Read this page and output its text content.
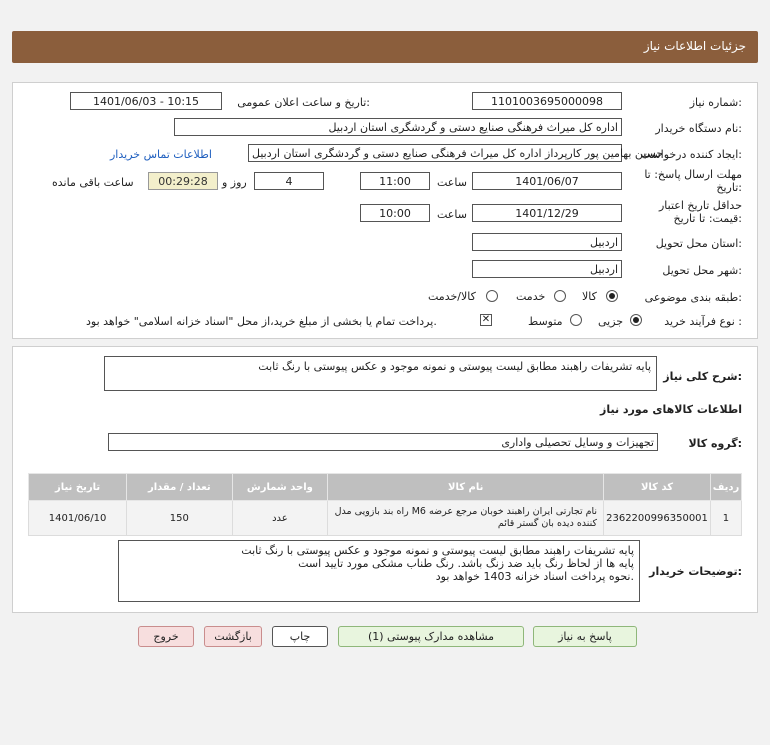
جزئیات اطلاعات نیاز
شماره نیاز:
1101003695000098
تاریخ و ساعت اعلان عمومی:
1401/06/03 - 10:15
نام دستگاه خریدار:
اداره کل میراث فرهنگی صنایع دستی و گردشگری استان اردبیل
ایجاد کننده درخواست:
حسین بهامین پور کارپرداز اداره کل میراث فرهنگی صنایع دستی و گردشگری استان اردبیل
اطلاعات تماس خریدار
مهلت ارسال پاسخ: تا تاریخ:
1401/06/07
ساعت
11:00
4
روز و
00:29:28
ساعت باقی مانده
حداقل تاریخ اعتبار قیمت: تا تاریخ:
1401/12/29
ساعت
10:00
استان محل تحویل:
اردبیل
شهر محل تحویل:
اردبیل
طبقه بندی موضوعی:
کالا
خدمت
کالا/خدمت
نوع فرآیند خرید :
جزیی
متوسط
✕
پرداخت تمام یا بخشی از مبلغ خرید،از محل "اسناد خزانه اسلامی" خواهد بود.
شرح کلی نیاز:
پایه تشریفات راهبند مطابق لیست پیوستی و نمونه موجود و عکس پیوستی با رنگ ثابت
اطلاعات کالاهای مورد نیاز
گروه کالا:
تجهیزات و وسایل تحصیلی واداری
تاریخ نیاز	تعداد / مقدار	واحد شمارش	نام کالا	کد کالا	ردیف
1401/06/10	150	عدد	راه بند بازویی مدل M6 نام تجارتی ایران راهبند خوبان مرجع عرضه کننده دیده بان گستر قائم	2362200996350001	1
توضیحات خریدار:
پایه تشریفات راهبند مطابق لیست پیوستی و نمونه موجود و عکس پیوستی با رنگ ثابت
پایه ها از لحاظ رنگ باید ضد زنگ باشد. رنگ طناب مشکی مورد تایید است
نحوه پرداخت اسناد خزانه 1403 خواهد بود.
پاسخ به نیاز
مشاهده مدارک پیوستی (1)
چاپ
بازگشت
خروج
